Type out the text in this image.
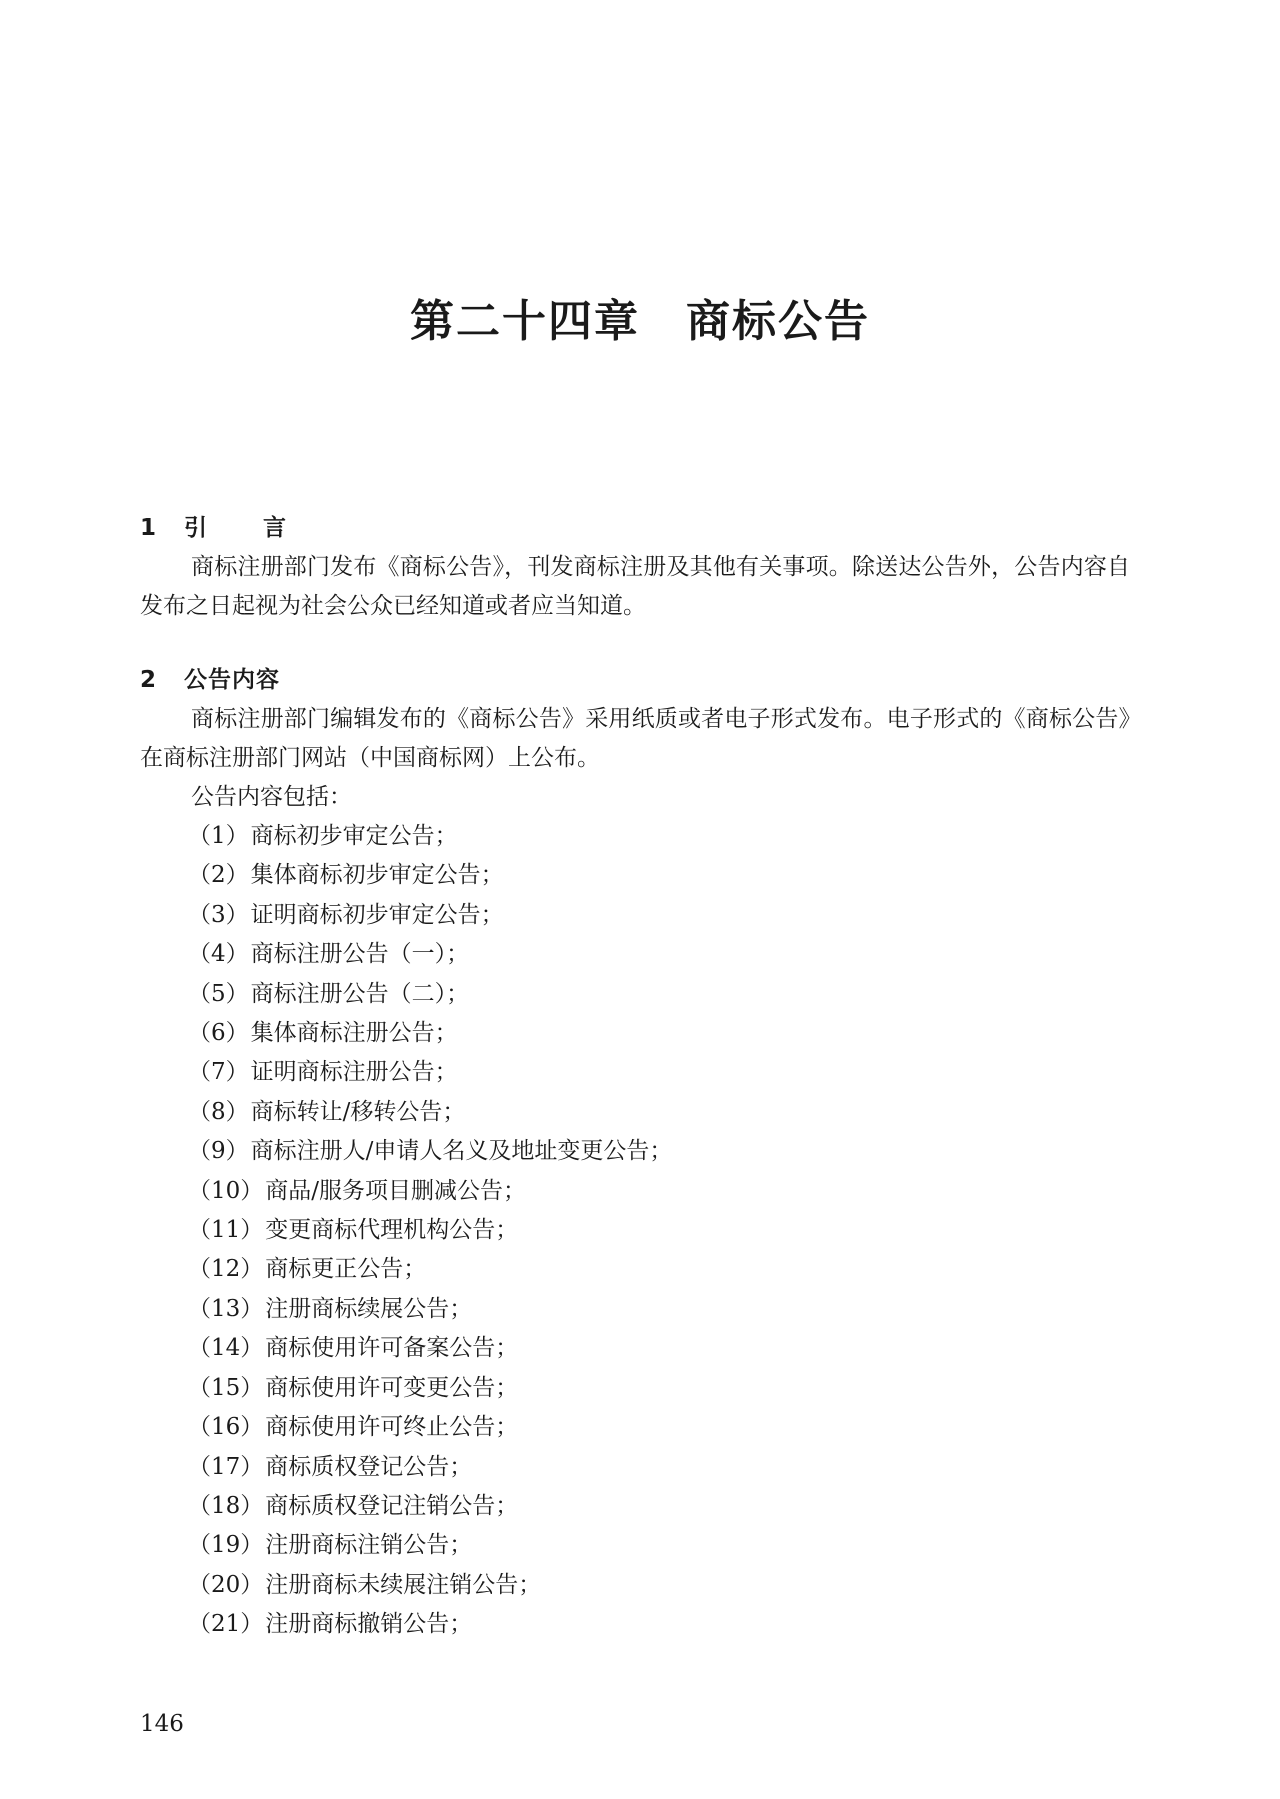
第二十四章 商标公告
1	引 言

商标注册部门发布《商标公告》，刊发商标注册及其他有关事项。除送达公告外，公告内容自发布之日起视为社会公众已经知道或者应当知道。

2	公告内容

商标注册部门编辑发布的《商标公告》采用纸质或者电子形式发布。电子形式的《商标公告》在商标注册部门网站（中国商标网）上公布。

公告内容包括：

（1）商标初步审定公告；
（2）集体商标初步审定公告；
（3）证明商标初步审定公告；
（4）商标注册公告（一）；
（5）商标注册公告（二）；
（6）集体商标注册公告；
（7）证明商标注册公告；
（8）商标转让/移转公告；
（9）商标注册人/申请人名义及地址变更公告；
（10）商品/服务项目删减公告；
（11）变更商标代理机构公告；
（12）商标更正公告；
（13）注册商标续展公告；
（14）商标使用许可备案公告；
（15）商标使用许可变更公告；
（16）商标使用许可终止公告；
（17）商标质权登记公告；
（18）商标质权登记注销公告；
（19）注册商标注销公告；
（20）注册商标未续展注销公告；
（21）注册商标撤销公告；
146
